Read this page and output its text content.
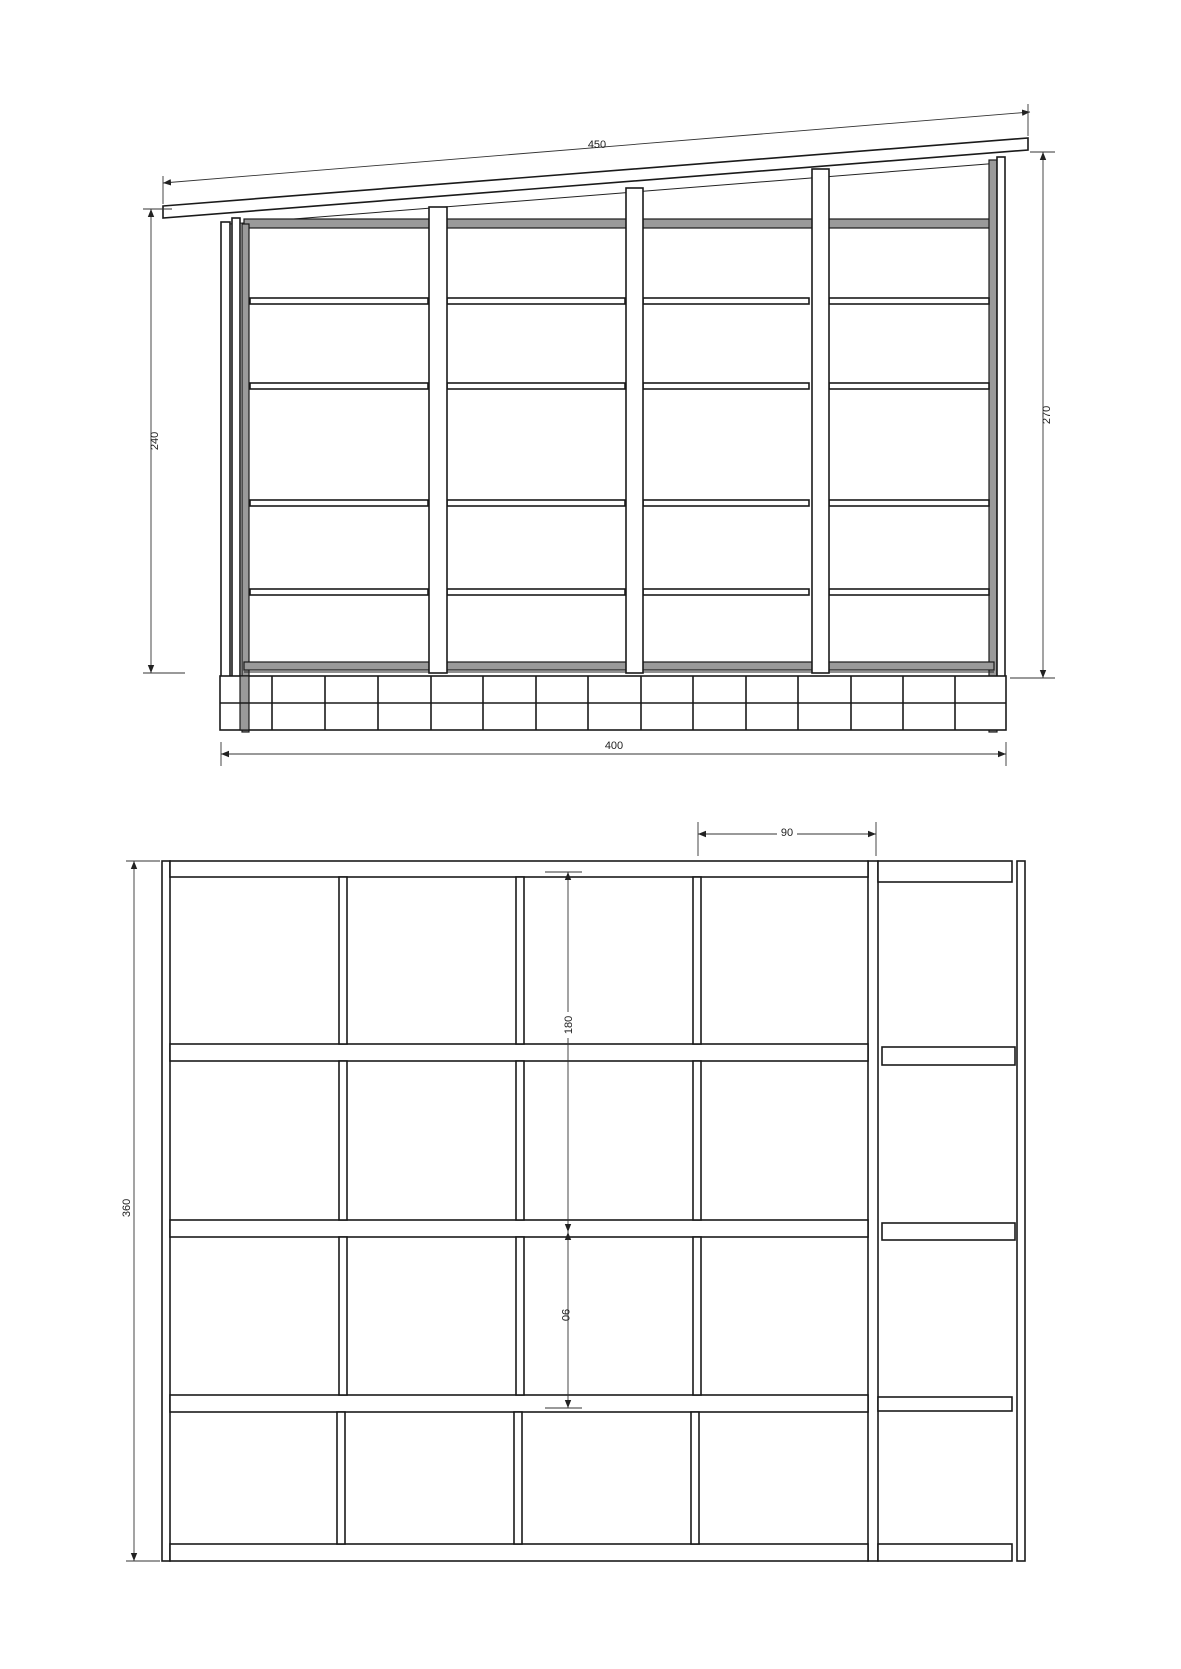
450
240
270
400
90
360
180
90
